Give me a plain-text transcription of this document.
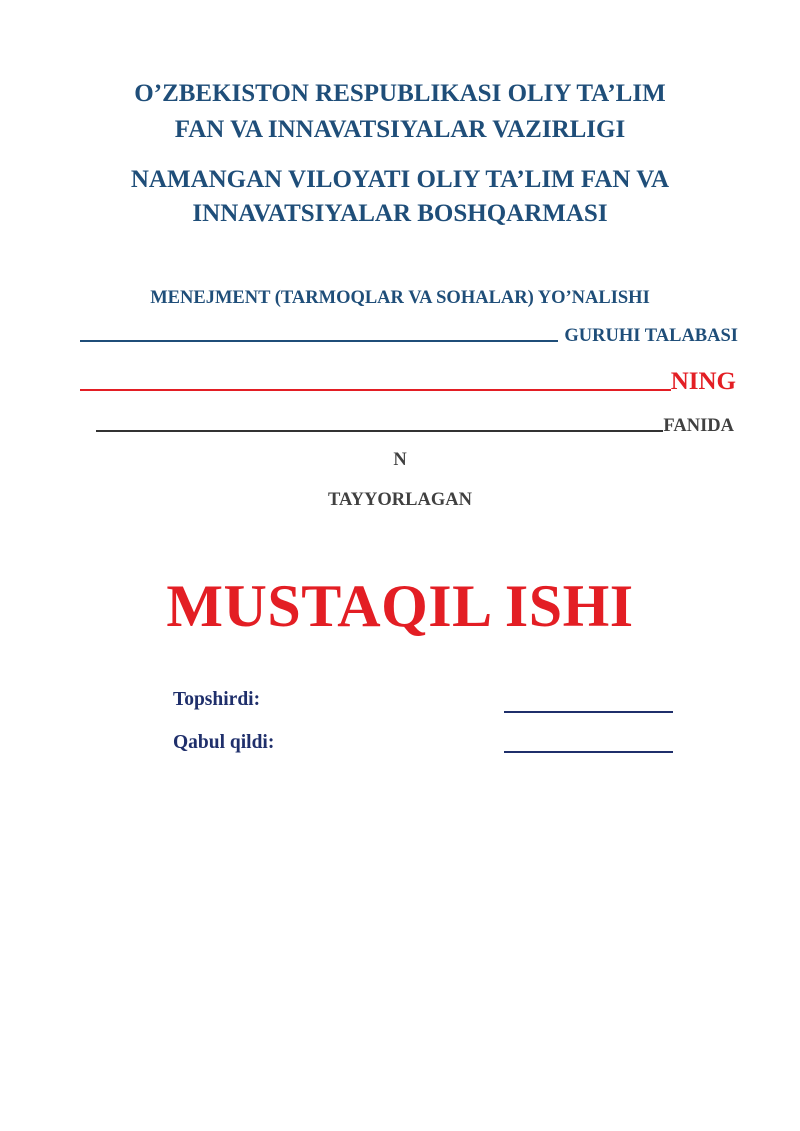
O’ZBEKISTON RESPUBLIKASI OLIY TA’LIM
FAN VA INNAVATSIYALAR VAZIRLIGI
NAMANGAN VILOYATI OLIY TA’LIM FAN VA
INNAVATSIYALAR BOSHQARMASI
MENEJMENT (TARMOQLAR VA SOHALAR) YO’NALISHI
GURUHI TALABASI
NING
FANIDA
N
TAYYORLAGAN
MUSTAQIL ISHI
Topshirdi:
Qabul qildi:
